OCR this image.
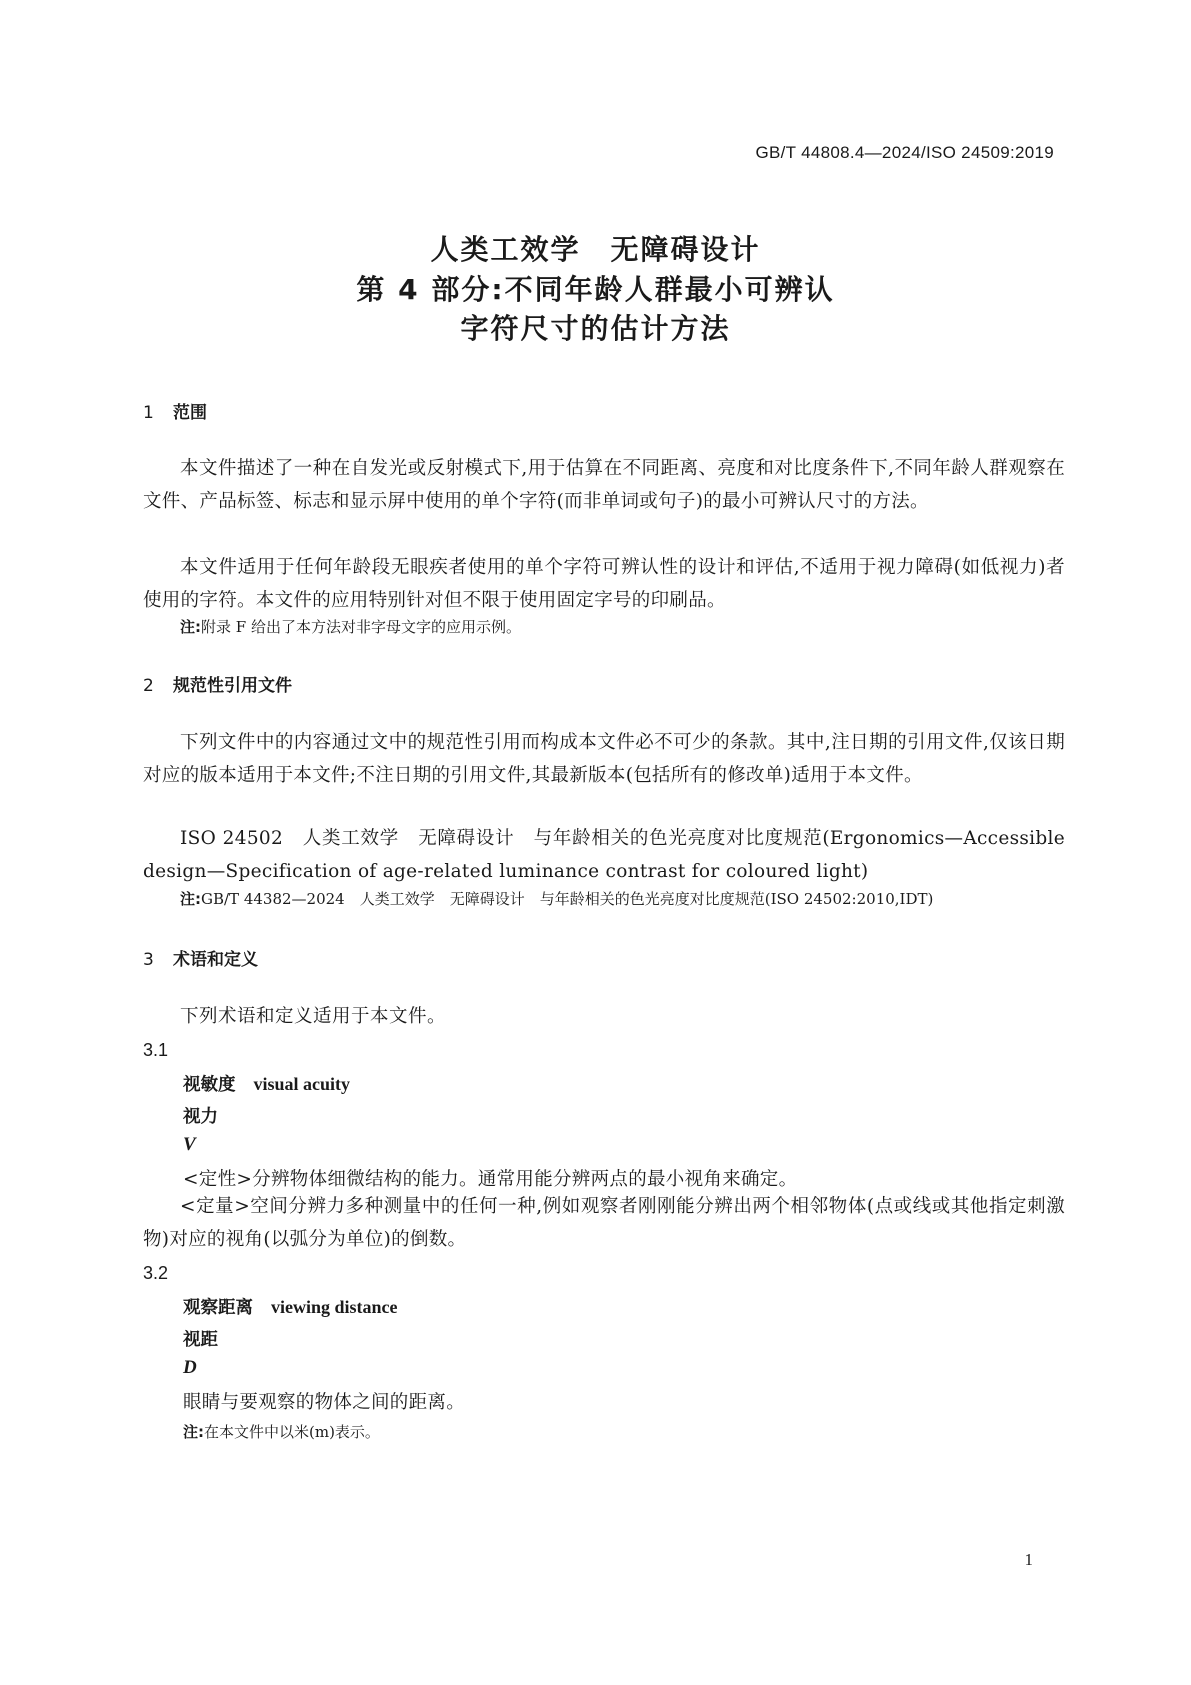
GB/T 44808.4—2024/ISO 24509:2019
人类工效学　无障碍设计
第 4 部分:不同年龄人群最小可辨认
字符尺寸的估计方法
1 范围
本文件描述了一种在自发光或反射模式下,用于估算在不同距离、亮度和对比度条件下,不同年龄人群观察在文件、产品标签、标志和显示屏中使用的单个字符(而非单词或句子)的最小可辨认尺寸的方法。
本文件适用于任何年龄段无眼疾者使用的单个字符可辨认性的设计和评估,不适用于视力障碍(如低视力)者使用的字符。本文件的应用特别针对但不限于使用固定字号的印刷品。
注:附录 F 给出了本方法对非字母文字的应用示例。
2 规范性引用文件
下列文件中的内容通过文中的规范性引用而构成本文件必不可少的条款。其中,注日期的引用文件,仅该日期对应的版本适用于本文件;不注日期的引用文件,其最新版本(包括所有的修改单)适用于本文件。
ISO 24502　人类工效学　无障碍设计　与年龄相关的色光亮度对比度规范(Ergonomics—Accessible design—Specification of age-related luminance contrast for coloured light)
注:GB/T 44382—2024　人类工效学　无障碍设计　与年龄相关的色光亮度对比度规范(ISO 24502:2010,IDT)
3 术语和定义
下列术语和定义适用于本文件。
3.1
视敏度 visual acuity
视力
V
<定性>分辨物体细微结构的能力。通常用能分辨两点的最小视角来确定。
<定量>空间分辨力多种测量中的任何一种,例如观察者刚刚能分辨出两个相邻物体(点或线或其他指定刺激物)对应的视角(以弧分为单位)的倒数。
3.2
观察距离 viewing distance
视距
D
眼睛与要观察的物体之间的距离。
注:在本文件中以米(m)表示。
1
